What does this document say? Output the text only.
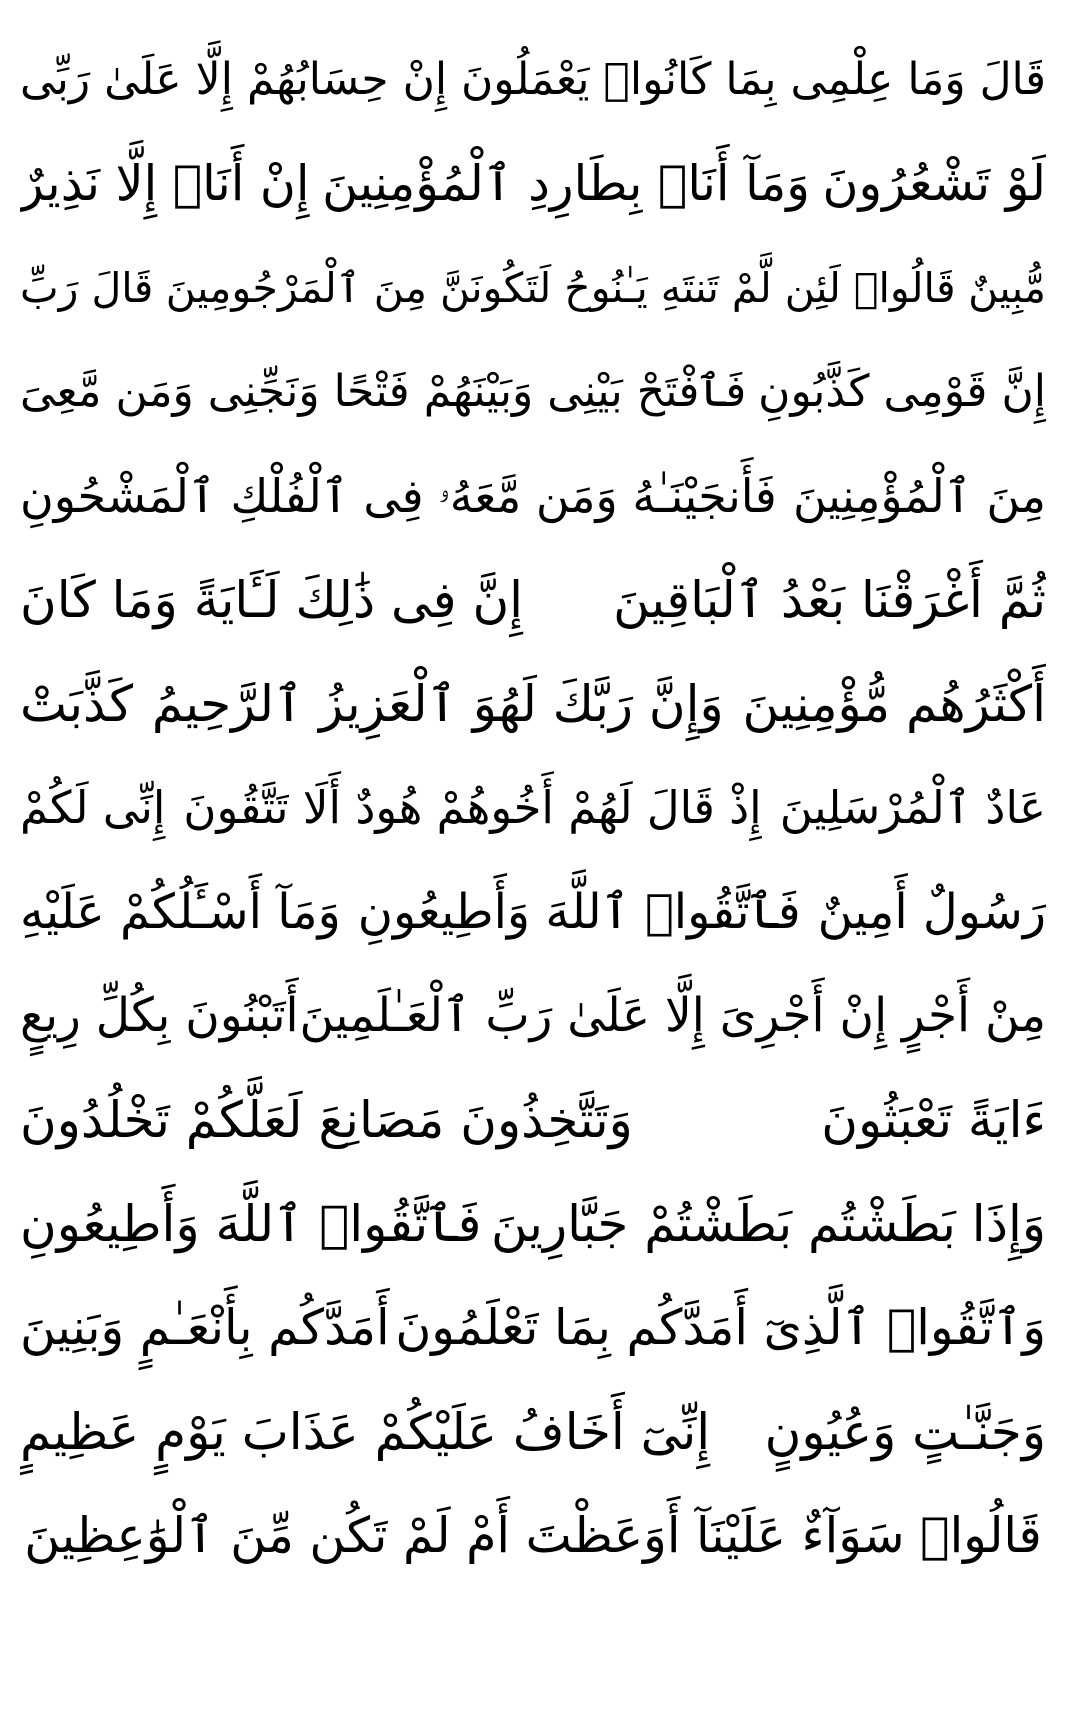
قَالَ وَمَا عِلْمِى بِمَا كَانُوا۟ يَعْمَلُونَ
إِنْ حِسَابُهُمْ إِلَّا عَلَىٰ رَبِّى
لَوْ تَشْعُرُونَ
وَمَآ أَنَا۠ بِطَارِدِ ٱلْمُؤْمِنِينَ
إِنْ أَنَا۠ إِلَّا نَذِيرٌ
مُّبِينٌ
قَالُوا۟ لَئِن لَّمْ تَنتَهِ يَـٰنُوحُ لَتَكُونَنَّ مِنَ ٱلْمَرْجُومِينَ
قَالَ رَبِّ
إِنَّ قَوْمِى كَذَّبُونِ
فَٱفْتَحْ بَيْنِى وَبَيْنَهُمْ فَتْحًا وَنَجِّنِى وَمَن مَّعِىَ
مِنَ ٱلْمُؤْمِنِينَ
فَأَنجَيْنَـٰهُ وَمَن مَّعَهُۥ فِى ٱلْفُلْكِ ٱلْمَشْحُونِ
ثُمَّ أَغْرَقْنَا بَعْدُ ٱلْبَاقِينَ
إِنَّ فِى ذَٰلِكَ لَـَٔايَةً وَمَا كَانَ
أَكْثَرُهُم مُّؤْمِنِينَ
وَإِنَّ رَبَّكَ لَهُوَ ٱلْعَزِيزُ ٱلرَّحِيمُ
كَذَّبَتْ
عَادٌ ٱلْمُرْسَلِينَ
إِذْ قَالَ لَهُمْ أَخُوهُمْ هُودٌ أَلَا تَتَّقُونَ
إِنِّى لَكُمْ
رَسُولٌ أَمِينٌ
فَٱتَّقُوا۟ ٱللَّهَ وَأَطِيعُونِ
وَمَآ أَسْـَٔلُكُمْ عَلَيْهِ
مِنْ أَجْرٍ إِنْ أَجْرِىَ إِلَّا عَلَىٰ رَبِّ ٱلْعَـٰلَمِينَ
أَتَبْنُونَ بِكُلِّ رِيعٍ
ءَايَةً تَعْبَثُونَ
وَتَتَّخِذُونَ مَصَانِعَ لَعَلَّكُمْ تَخْلُدُونَ
وَإِذَا بَطَشْتُم بَطَشْتُمْ جَبَّارِينَ
فَٱتَّقُوا۟ ٱللَّهَ وَأَطِيعُونِ
وَٱتَّقُوا۟ ٱلَّذِىٓ أَمَدَّكُم بِمَا تَعْلَمُونَ
أَمَدَّكُم بِأَنْعَـٰمٍ وَبَنِينَ
وَجَنَّـٰتٍ وَعُيُونٍ
إِنِّىٓ أَخَافُ عَلَيْكُمْ عَذَابَ يَوْمٍ عَظِيمٍ
قَالُوا۟ سَوَآءٌ عَلَيْنَآ أَوَعَظْتَ أَمْ لَمْ تَكُن مِّنَ ٱلْوَٰعِظِينَ
